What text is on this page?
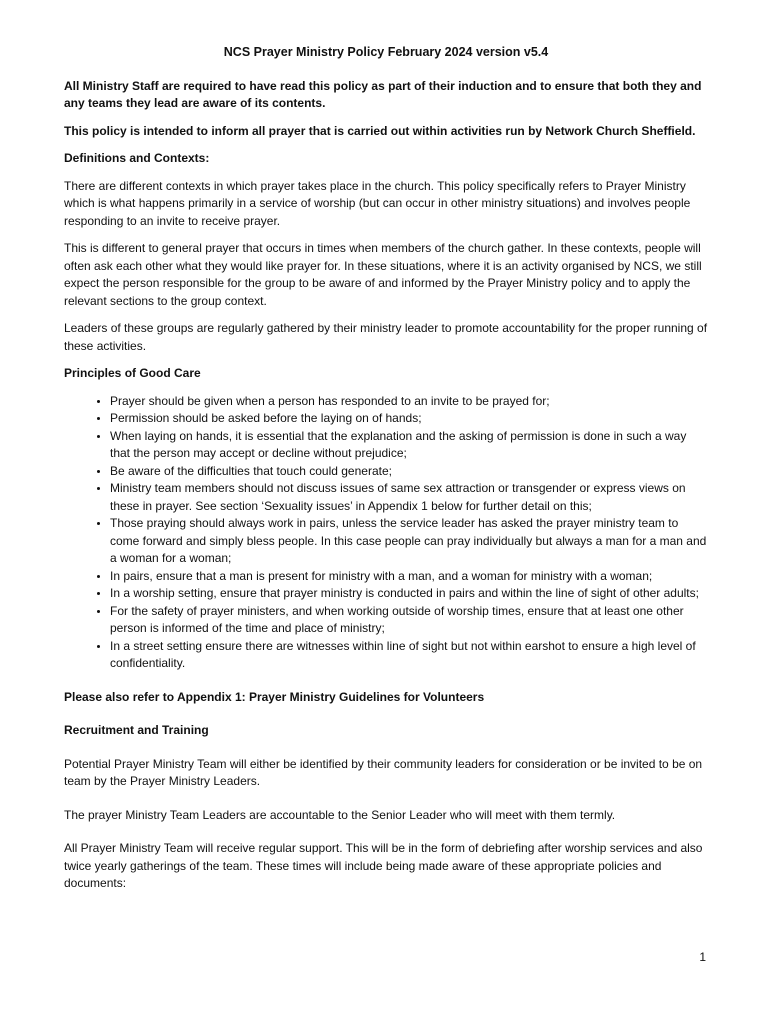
NCS Prayer Ministry Policy February 2024 version v5.4

All Ministry Staff are required to have read this policy as part of their induction and to ensure that both they and any teams they lead are aware of its contents.

This policy is intended to inform all prayer that is carried out within activities run by Network Church Sheffield.

Definitions and Contexts:

There are different contexts in which prayer takes place in the church. This policy specifically refers to Prayer Ministry which is what happens primarily in a service of worship (but can occur in other ministry situations) and involves people responding to an invite to receive prayer.

This is different to general prayer that occurs in times when members of the church gather. In these contexts, people will often ask each other what they would like prayer for. In these situations, where it is an activity organised by NCS, we still expect the person responsible for the group to be aware of and informed by the Prayer Ministry policy and to apply the relevant sections to the group context.

Leaders of these groups are regularly gathered by their ministry leader to promote accountability for the proper running of these activities.

Principles of Good Care
• Prayer should be given when a person has responded to an invite to be prayed for;
• Permission should be asked before the laying on of hands;
• When laying on hands, it is essential that the explanation and the asking of permission is done in such a way that the person may accept or decline without prejudice;
• Be aware of the difficulties that touch could generate;
• Ministry team members should not discuss issues of same sex attraction or transgender or express views on these in prayer. See section ‘Sexuality issues’ in Appendix 1 below for further detail on this;
• Those praying should always work in pairs, unless the service leader has asked the prayer ministry team to come forward and simply bless people. In this case people can pray individually but always a man for a man and a woman for a woman;
• In pairs, ensure that a man is present for ministry with a man, and a woman for ministry with a woman;
• In a worship setting, ensure that prayer ministry is conducted in pairs and within the line of sight of other adults;
• For the safety of prayer ministers, and when working outside of worship times, ensure that at least one other person is informed of the time and place of ministry;
• In a street setting ensure there are witnesses within line of sight but not within earshot to ensure a high level of confidentiality.

Please also refer to Appendix 1: Prayer Ministry Guidelines for Volunteers

Recruitment and Training

Potential Prayer Ministry Team will either be identified by their community leaders for consideration or be invited to be on team by the Prayer Ministry Leaders.

The prayer Ministry Team Leaders are accountable to the Senior Leader who will meet with them termly.

All Prayer Ministry Team will receive regular support. This will be in the form of debriefing after worship services and also twice yearly gatherings of the team. These times will include being made aware of these appropriate policies and documents:

1
